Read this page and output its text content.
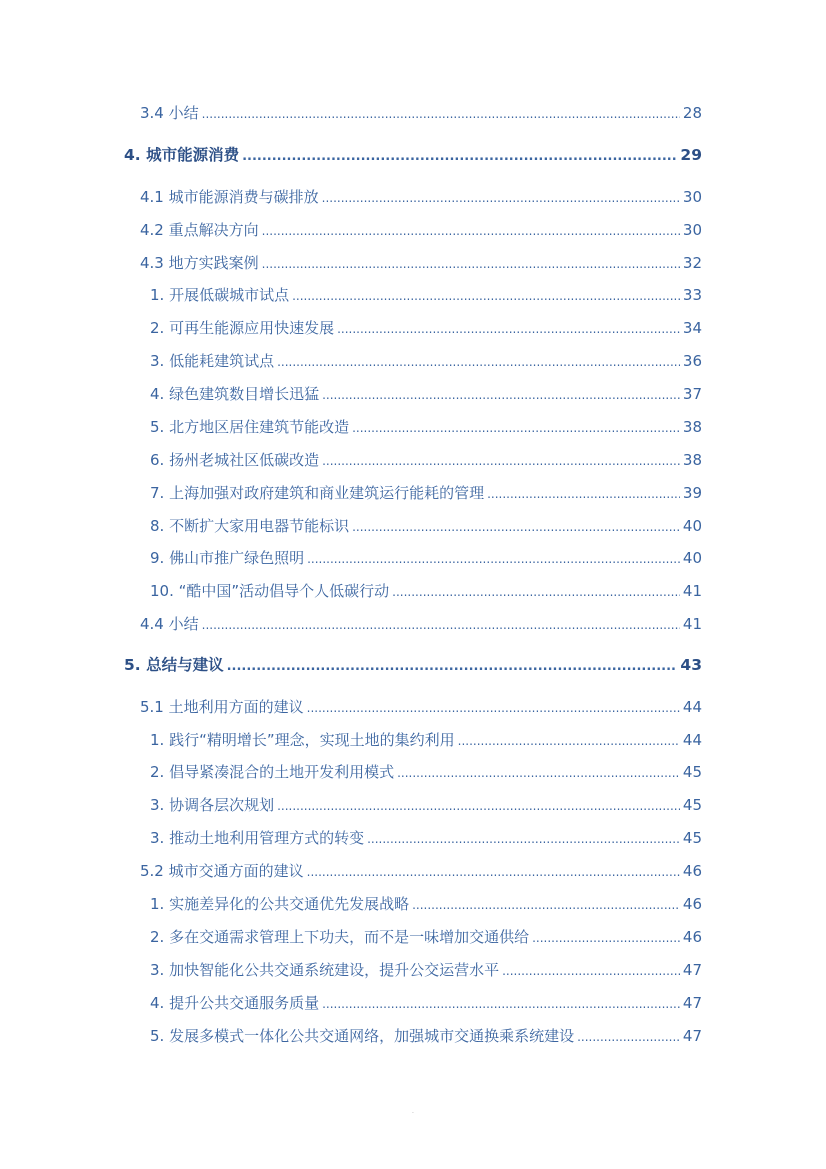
3.4 小结 .....	28
4. 城市能源消费 .....	29
4.1 城市能源消费与碳排放 .....	30
4.2 重点解决方向 .....	30
4.3 地方实践案例 .....	32
1. 开展低碳城市试点 .....	33
2. 可再生能源应用快速发展 .....	34
3. 低能耗建筑试点 .....	36
4. 绿色建筑数目增长迅猛 .....	37
5. 北方地区居住建筑节能改造 .....	38
6. 扬州老城社区低碳改造 .....	38
7. 上海加强对政府建筑和商业建筑运行能耗的管理 .....	39
8. 不断扩大家用电器节能标识 .....	40
9. 佛山市推广绿色照明 .....	40
10. “酷中国”活动倡导个人低碳行动 .....	41
4.4 小结 .....	41
5. 总结与建议 .....	43
5.1 土地利用方面的建议 .....	44
1. 践行“精明增长”理念，实现土地的集约利用 .....	44
2. 倡导紧凑混合的土地开发利用模式 .....	45
3. 协调各层次规划 .....	45
3. 推动土地利用管理方式的转变 .....	45
5.2 城市交通方面的建议 .....	46
1. 实施差异化的公共交通优先发展战略 .....	46
2. 多在交通需求管理上下功夫，而不是一味增加交通供给 .....	46
3. 加快智能化公共交通系统建设，提升公交运营水平 .....	47
4. 提升公共交通服务质量 .....	47
5. 发展多模式一体化公共交通网络，加强城市交通换乘系统建设 .....	47
·
